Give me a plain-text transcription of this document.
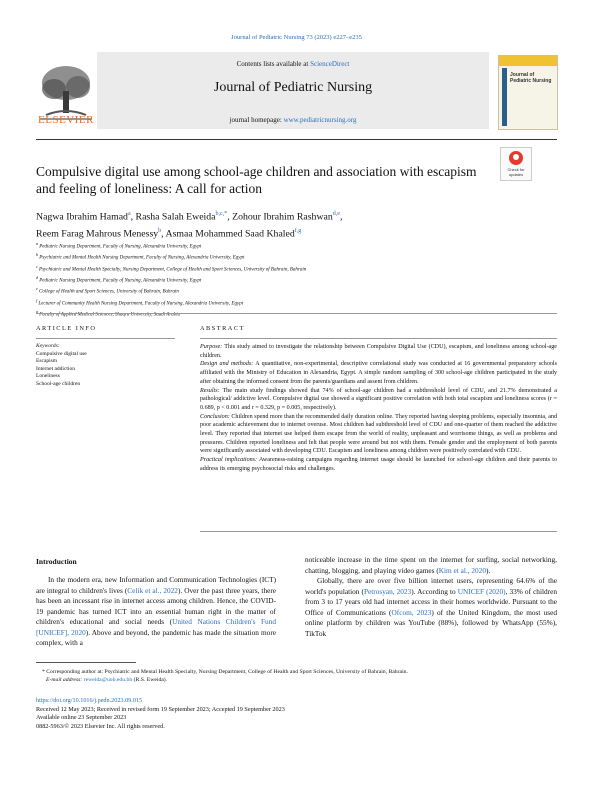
Journal of Pediatric Nursing 73 (2023) e227–e235
Contents lists available at ScienceDirect
Journal of Pediatric Nursing
journal homepage: www.pediatricnursing.org
ELSEVIER
Journal of
Pediatric Nursing
Check for
updates
Compulsive digital use among school-age children and association with escapism and feeling of loneliness: A call for action
Nagwa Ibrahim Hamad$^a$, Rasha Salah Eweida$^{b,c,*}$, Zohour Ibrahim Rashwan$^{d,e}$,
Reem Farag Mahrous Menessy$^b$, Asmaa Mohammed Saad Khaled$^{f,g}$
$^a$ Pediatric Nursing Department, Faculty of Nursing, Alexandria University, Egypt
$^b$ Psychiatric and Mental Health Nursing Department, Faculty of Nursing, Alexandria University, Egypt
$^c$ Psychiatric and Mental Health Specialty, Nursing Department, College of Health and Sport Sciences, University of Bahrain, Bahrain
$^d$ Pediatric Nursing Department, Faculty of Nursing, Alexandria University, Egypt
$^e$ College of Health and Sport Sciences, University of Bahrain, Bahrain
$^f$ Lecturer of Community Health Nursing Department, Faculty of Nursing, Alexandria University, Egypt
$^g$ Faculty of Applied Medical Sciences, Shaqra University, Saudi Arabia
ARTICLE INFO	ABSTRACT
Keywords:
Compulsive digital use
Escapism
Internet addiction
Loneliness
School-age children

Purpose: This study aimed to investigate the relationship between Compulsive Digital Use (CDU), escapism, and loneliness among school-age children.

Design and methods: A quantitative, non-experimental, descriptive correlational study was conducted at 16 governmental preparatory schools affiliated with the Ministry of Education in Alexandria, Egypt. A simple random sampling of 300 school-age children participated in the study after obtaining the informed consent from the parents/guardians and assent from children.

Results: The main study findings showed that 74% of school-age children had a subthreshold level of CDU, and 21.7% demonstrated a pathological/ addictive level. Compulsive digital use showed a significant positive correlation with both total escapism and loneliness scores (r = 0.689, p < 0.001 and r = 0.329, p = 0.005, respectively).

Conclusion: Children spend more than the recommended daily duration online. They reported having sleeping problems, especially insomnia, and poor academic achievement due to internet overuse. Most children had subthreshold level of CDU and one-quarter of them reached the addictive level. They reported that internet use helped them escape from the world of reality, unpleasant and worrisome things, as well as problems and pressures. Children reported loneliness and felt that people were around but not with them. Female gender and the employment of both parents were significantly associated with developing CDU. Escapism and loneliness among children were positively correlated with CDU.

Practical implications: Awareness-raising campaigns regarding internet usage should be launched for school-age children and their parents to address its emerging psychosocial risks and challenges.

Introduction

In the modern era, new Information and Communication Technologies (ICT) are integral to children's lives (Celik et al., 2022). Over the past three years, there has been an incessant rise in internet access among children. Hence, the COVID-19 pandemic has turned ICT into an essential human right in the matter of children's educational and social needs (United Nations Children's Fund [UNICEF], 2020). Above and beyond, the pandemic has made the situation more complex, with a

noticeable increase in the time spent on the internet for surfing, social networking, chatting, blogging, and playing video games (Kim et al., 2020).

Globally, there are over five billion internet users, representing 64.6% of the world's population (Petrosyan, 2023). According to UNICEF (2020), 33% of children from 3 to 17 years old had internet access in their homes worldwide. Pursuant to the Office of Communications (Ofcom, 2023) of the United Kingdom, the most used online platform by children was YouTube (88%), followed by WhatsApp (55%), TikTok

* Corresponding author at: Psychiatric and Mental Health Specialty, Nursing Department, College of Health and Sport Sciences, University of Bahrain, Bahrain.

E-mail address: reweida@uob.edu.bh (R.S. Eweida).

https://doi.org/10.1016/j.pedn.2023.09.015

Received 12 May 2023; Received in revised form 19 September 2023; Accepted 19 September 2023

Available online 23 September 2023

0882-5963/© 2023 Elsevier Inc. All rights reserved.
